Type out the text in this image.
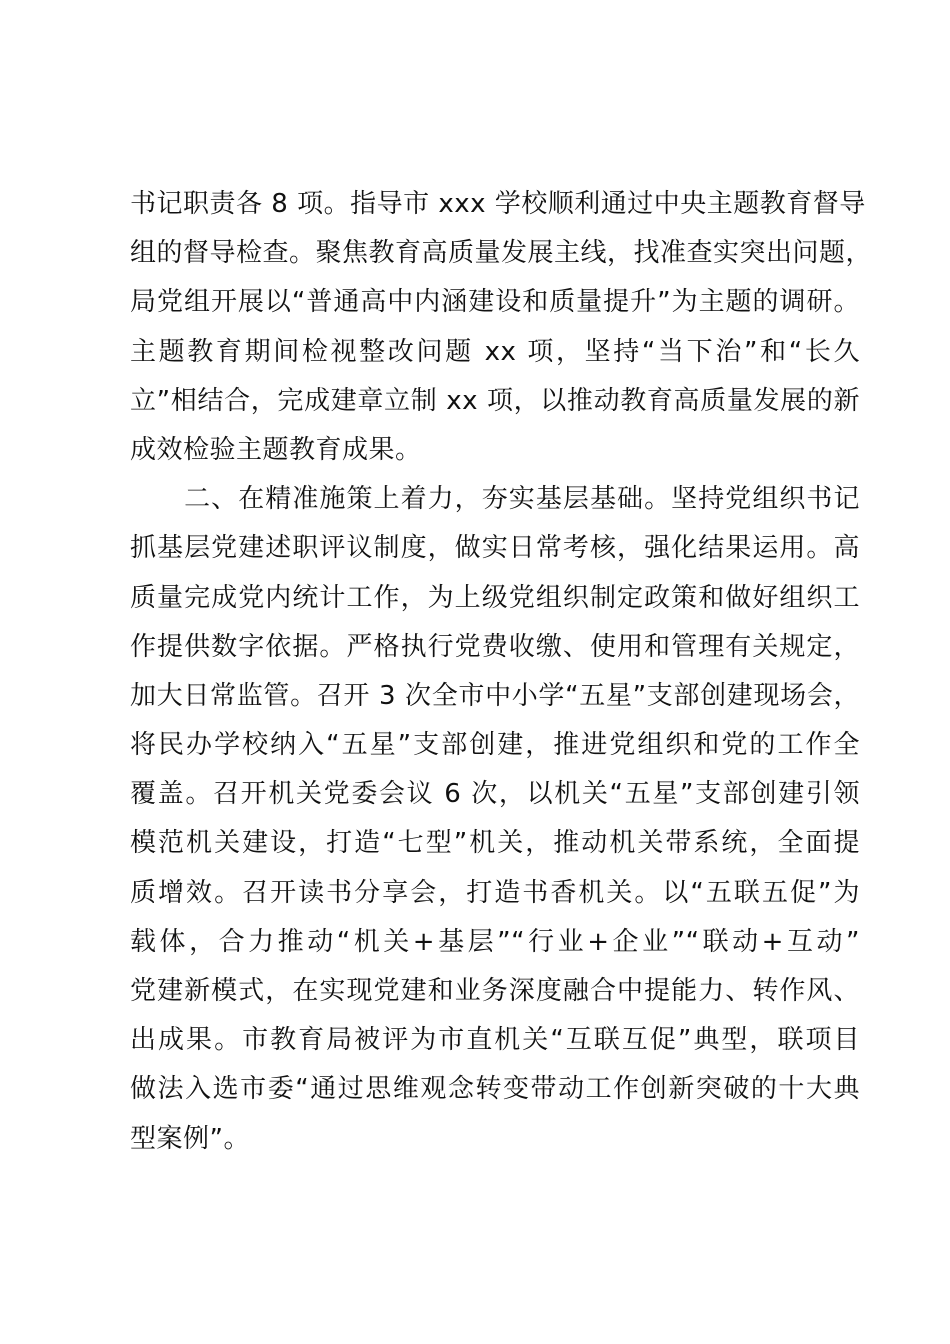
书记职责各 8 项。指导市 xxx 学校顺利通过中央主题教育督导
组的督导检查。聚焦教育高质量发展主线，找准查实突出问题，
局党组开展以“普通高中内涵建设和质量提升”为主题的调研。
主题教育期间检视整改问题 xx 项，坚持“当下治”和“长久
立”相结合，完成建章立制 xx 项，以推动教育高质量发展的新
成效检验主题教育成果。
　　二、在精准施策上着力，夯实基层基础。坚持党组织书记
抓基层党建述职评议制度，做实日常考核，强化结果运用。高
质量完成党内统计工作，为上级党组织制定政策和做好组织工
作提供数字依据。严格执行党费收缴、使用和管理有关规定，
加大日常监管。召开 3 次全市中小学“五星”支部创建现场会，
将民办学校纳入“五星”支部创建，推进党组织和党的工作全
覆盖。召开机关党委会议 6 次，以机关“五星”支部创建引领
模范机关建设，打造“七型”机关，推动机关带系统，全面提
质增效。召开读书分享会，打造书香机关。以“五联五促”为
载体，合力推动“机关+基层”“行业+企业”“联动+互动”
党建新模式，在实现党建和业务深度融合中提能力、转作风、
出成果。市教育局被评为市直机关“互联互促”典型，联项目
做法入选市委“通过思维观念转变带动工作创新突破的十大典
型案例”。
